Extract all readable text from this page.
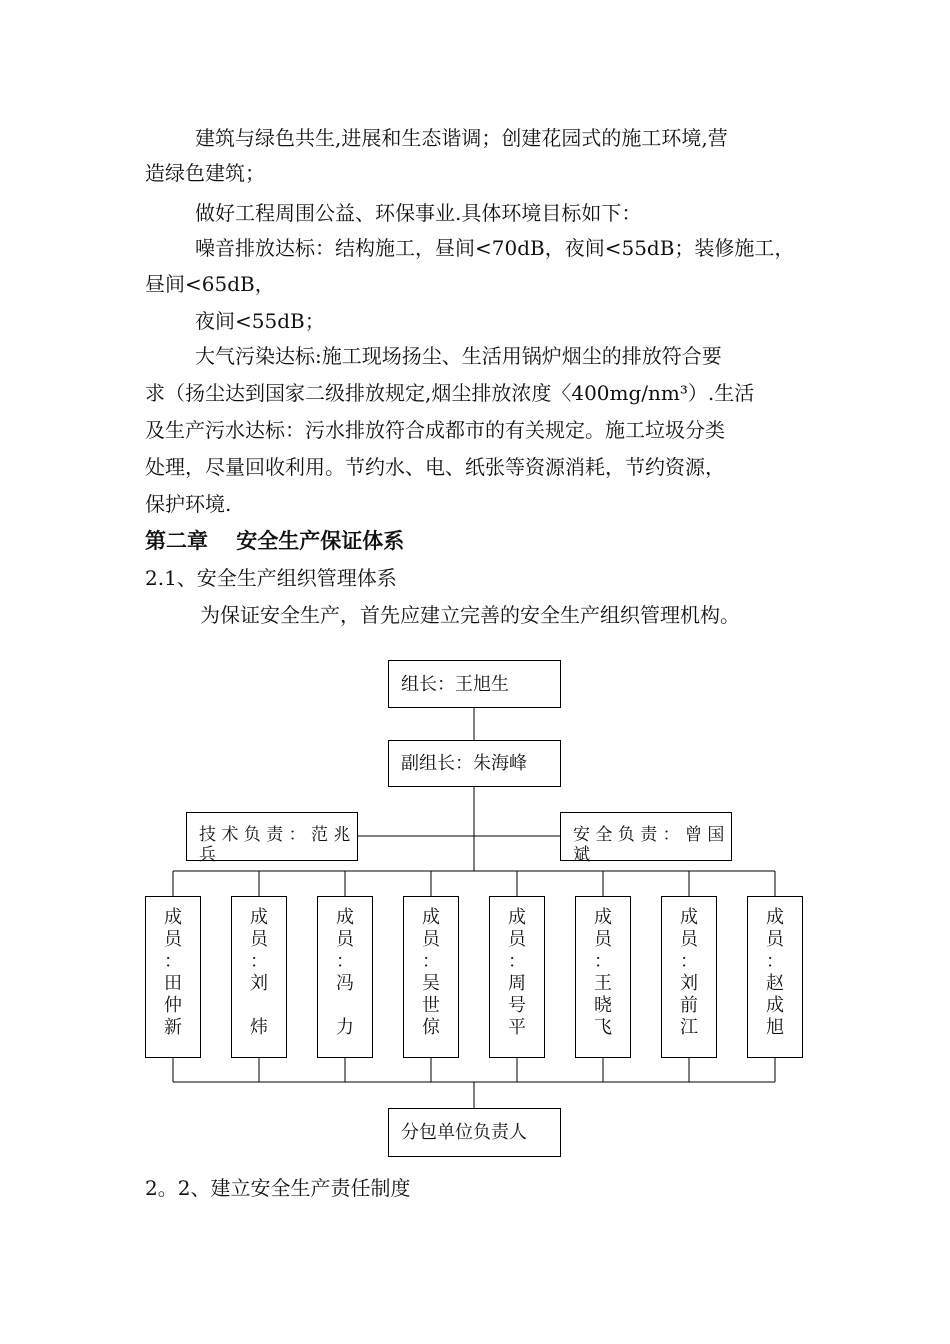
建筑与绿色共生,进展和生态谐调；创建花园式的施工环境,营
造绿色建筑；
做好工程周围公益、环保事业.具体环境目标如下：
噪音排放达标：结构施工，昼间<70dB，夜间<55dB；装修施工，
昼间<65dB，
夜间<55dB；
大气污染达标:施工现场扬尘、生活用锅炉烟尘的排放符合要
求（扬尘达到国家二级排放规定,烟尘排放浓度〈400mg/nm³）.生活
及生产污水达标：污水排放符合成都市的有关规定。施工垃圾分类
处理，尽量回收利用。节约水、电、纸张等资源消耗，节约资源，
保护环境.
第二章　 安全生产保证体系
2.1、安全生产组织管理体系
为保证安全生产，首先应建立完善的安全生产组织管理机构。
组长：王旭生
副组长：朱海峰
技 术 负 责 ： 范 兆
兵
安 全 负 责 ： 曾 国
斌
成
员
：
田
仲
新
成
员
：
刘
炜
成
员
：
冯
力
成
员
：
吴
世
倞
成
员
：
周
号
平
成
员
：
王
晓
飞
成
员
：
刘
前
江
成
员
：
赵
成
旭
分包单位负责人
2。2、建立安全生产责任制度
